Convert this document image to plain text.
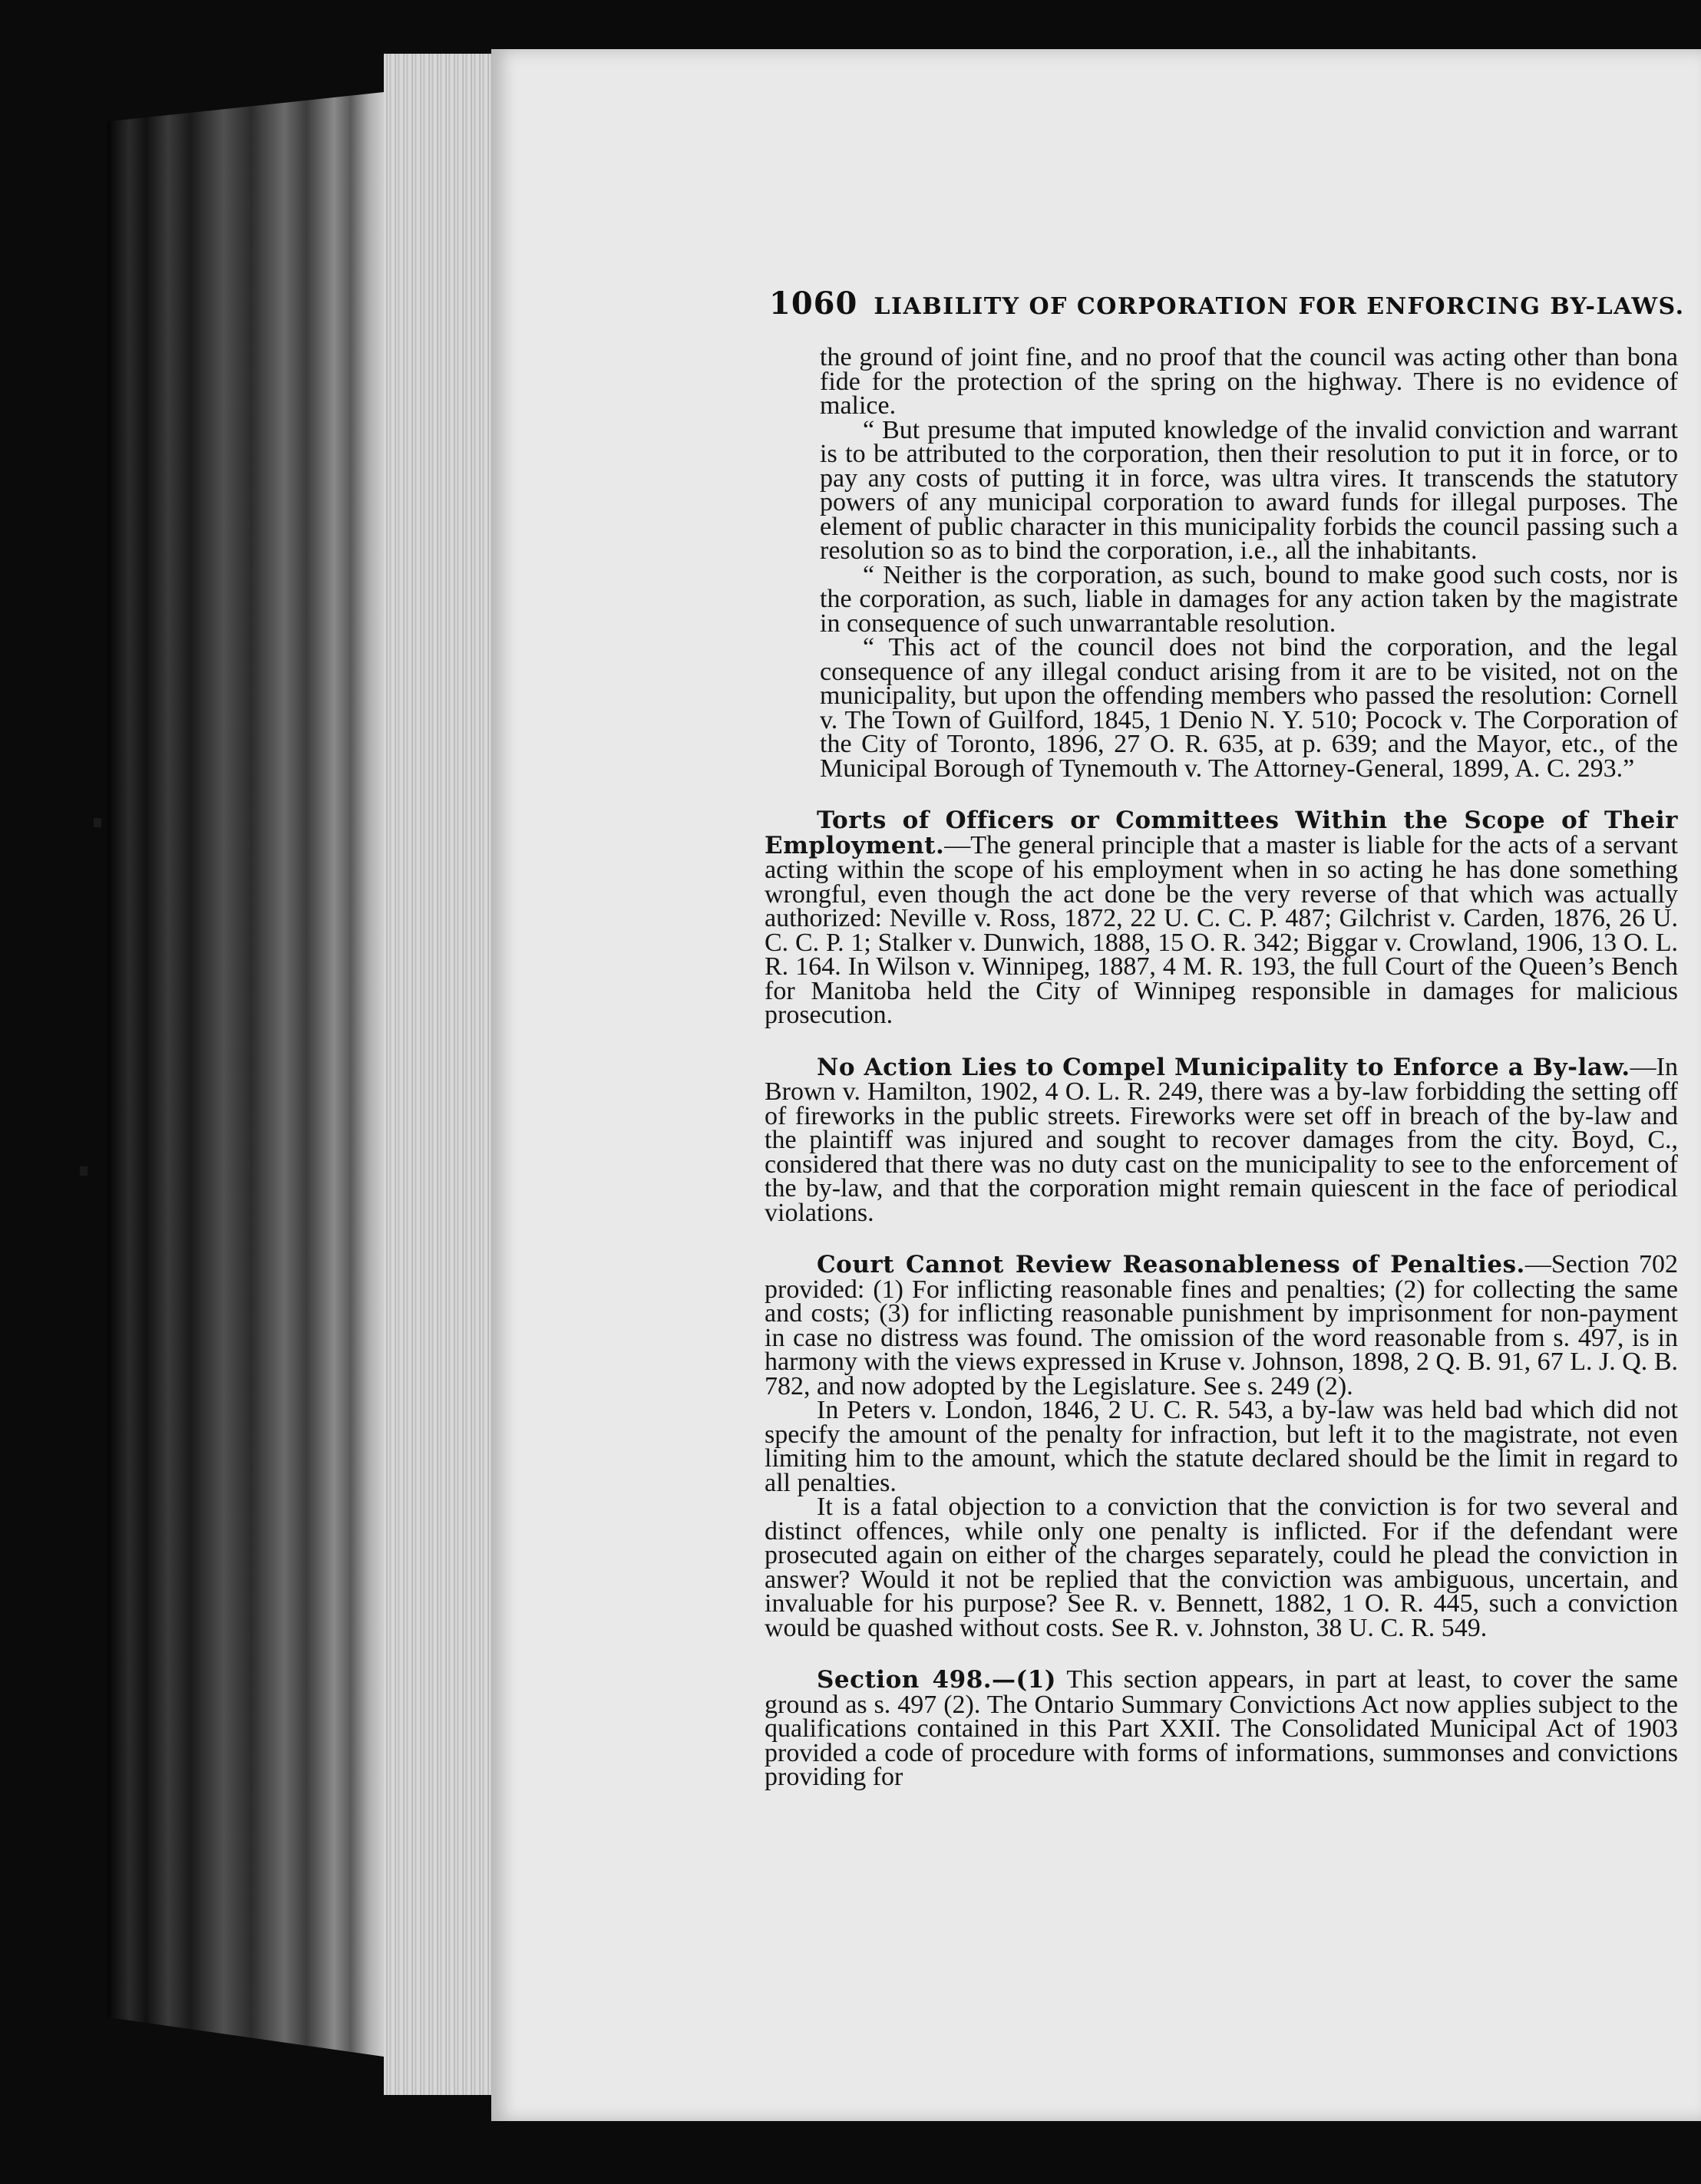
1060 LIABILITY OF CORPORATION FOR ENFORCING BY-LAWS.

the ground of joint fine, and no proof that the council was acting other than bona fide for the protection of the spring on the highway. There is no evidence of malice.

“ But presume that imputed knowledge of the invalid conviction and warrant is to be attributed to the corporation, then their resolution to put it in force, or to pay any costs of putting it in force, was ultra vires. It transcends the statutory powers of any municipal corporation to award funds for illegal purposes. The element of public character in this municipality forbids the council passing such a resolution so as to bind the corporation, i.e., all the inhabitants.

“ Neither is the corporation, as such, bound to make good such costs, nor is the corporation, as such, liable in damages for any action taken by the magistrate in consequence of such unwarrantable resolution.

“ This act of the council does not bind the corporation, and the legal consequence of any illegal conduct arising from it are to be visited, not on the municipality, but upon the offending members who passed the resolution: Cornell v. The Town of Guilford, 1845, 1 Denio N. Y. 510; Pocock v. The Corporation of the City of Toronto, 1896, 27 O. R. 635, at p. 639; and the Mayor, etc., of the Municipal Borough of Tynemouth v. The Attorney-General, 1899, A. C. 293.”

Torts of Officers or Committees Within the Scope of Their Employment.—The general principle that a master is liable for the acts of a servant acting within the scope of his employment when in so acting he has done something wrongful, even though the act done be the very reverse of that which was actually authorized: Neville v. Ross, 1872, 22 U. C. C. P. 487; Gilchrist v. Carden, 1876, 26 U. C. C. P. 1; Stalker v. Dunwich, 1888, 15 O. R. 342; Biggar v. Crowland, 1906, 13 O. L. R. 164. In Wilson v. Winnipeg, 1887, 4 M. R. 193, the full Court of the Queen’s Bench for Manitoba held the City of Winnipeg responsible in damages for malicious prosecution.

No Action Lies to Compel Municipality to Enforce a By-law.—In Brown v. Hamilton, 1902, 4 O. L. R. 249, there was a by-law forbidding the setting off of fireworks in the public streets. Fireworks were set off in breach of the by-law and the plaintiff was injured and sought to recover damages from the city. Boyd, C., considered that there was no duty cast on the municipality to see to the enforcement of the by-law, and that the corporation might remain quiescent in the face of periodical violations.

Court Cannot Review Reasonableness of Penalties.—Section 702 provided: (1) For inflicting reasonable fines and penalties; (2) for collecting the same and costs; (3) for inflicting reasonable punishment by imprisonment for non-payment in case no distress was found. The omission of the word reasonable from s. 497, is in harmony with the views expressed in Kruse v. Johnson, 1898, 2 Q. B. 91, 67 L. J. Q. B. 782, and now adopted by the Legislature. See s. 249 (2).

In Peters v. London, 1846, 2 U. C. R. 543, a by-law was held bad which did not specify the amount of the penalty for infraction, but left it to the magistrate, not even limiting him to the amount, which the statute declared should be the limit in regard to all penalties.

It is a fatal objection to a conviction that the conviction is for two several and distinct offences, while only one penalty is inflicted. For if the defendant were prosecuted again on either of the charges separately, could he plead the conviction in answer? Would it not be replied that the conviction was ambiguous, uncertain, and invaluable for his purpose? See R. v. Bennett, 1882, 1 O. R. 445, such a conviction would be quashed without costs. See R. v. Johnston, 38 U. C. R. 549.

Section 498.—(1) This section appears, in part at least, to cover the same ground as s. 497 (2). The Ontario Summary Convictions Act now applies subject to the qualifications contained in this Part XXII. The Consolidated Municipal Act of 1903 provided a code of procedure with forms of informations, summonses and convictions providing for
